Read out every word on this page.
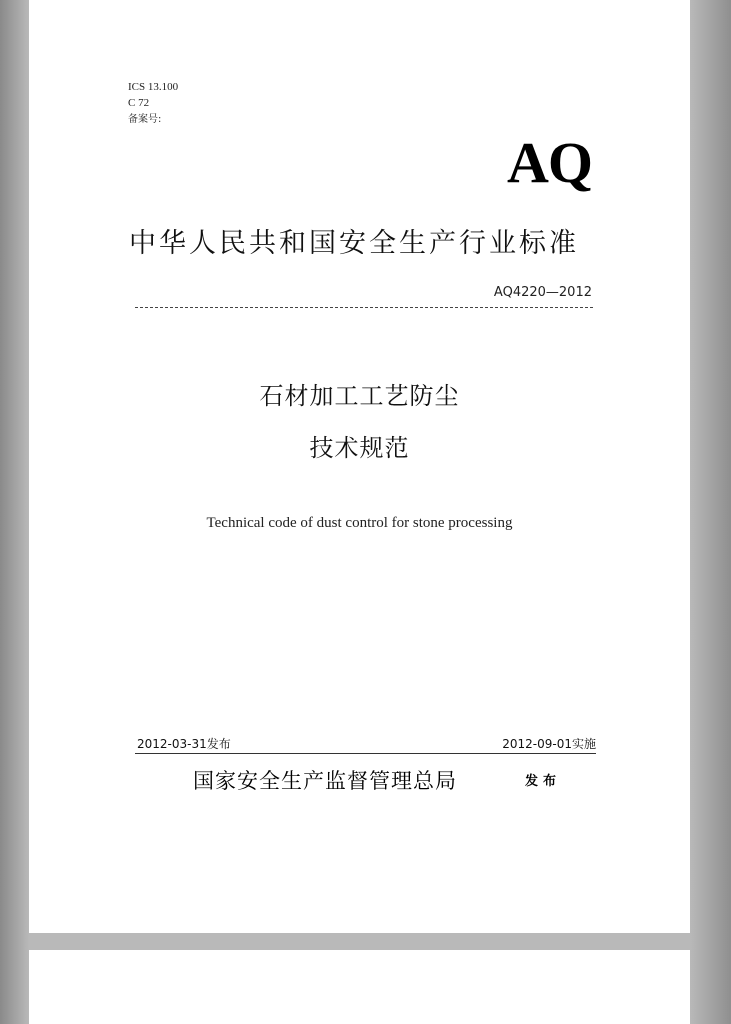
ICS 13.100
C 72
备案号:
AQ
中华人民共和国安全生产行业标准
AQ4220—2012
石材加工工艺防尘
技术规范
Technical code of dust control for stone processing
2012-03-31发布	2012-09-01实施
国家安全生产监督管理总局	发布
